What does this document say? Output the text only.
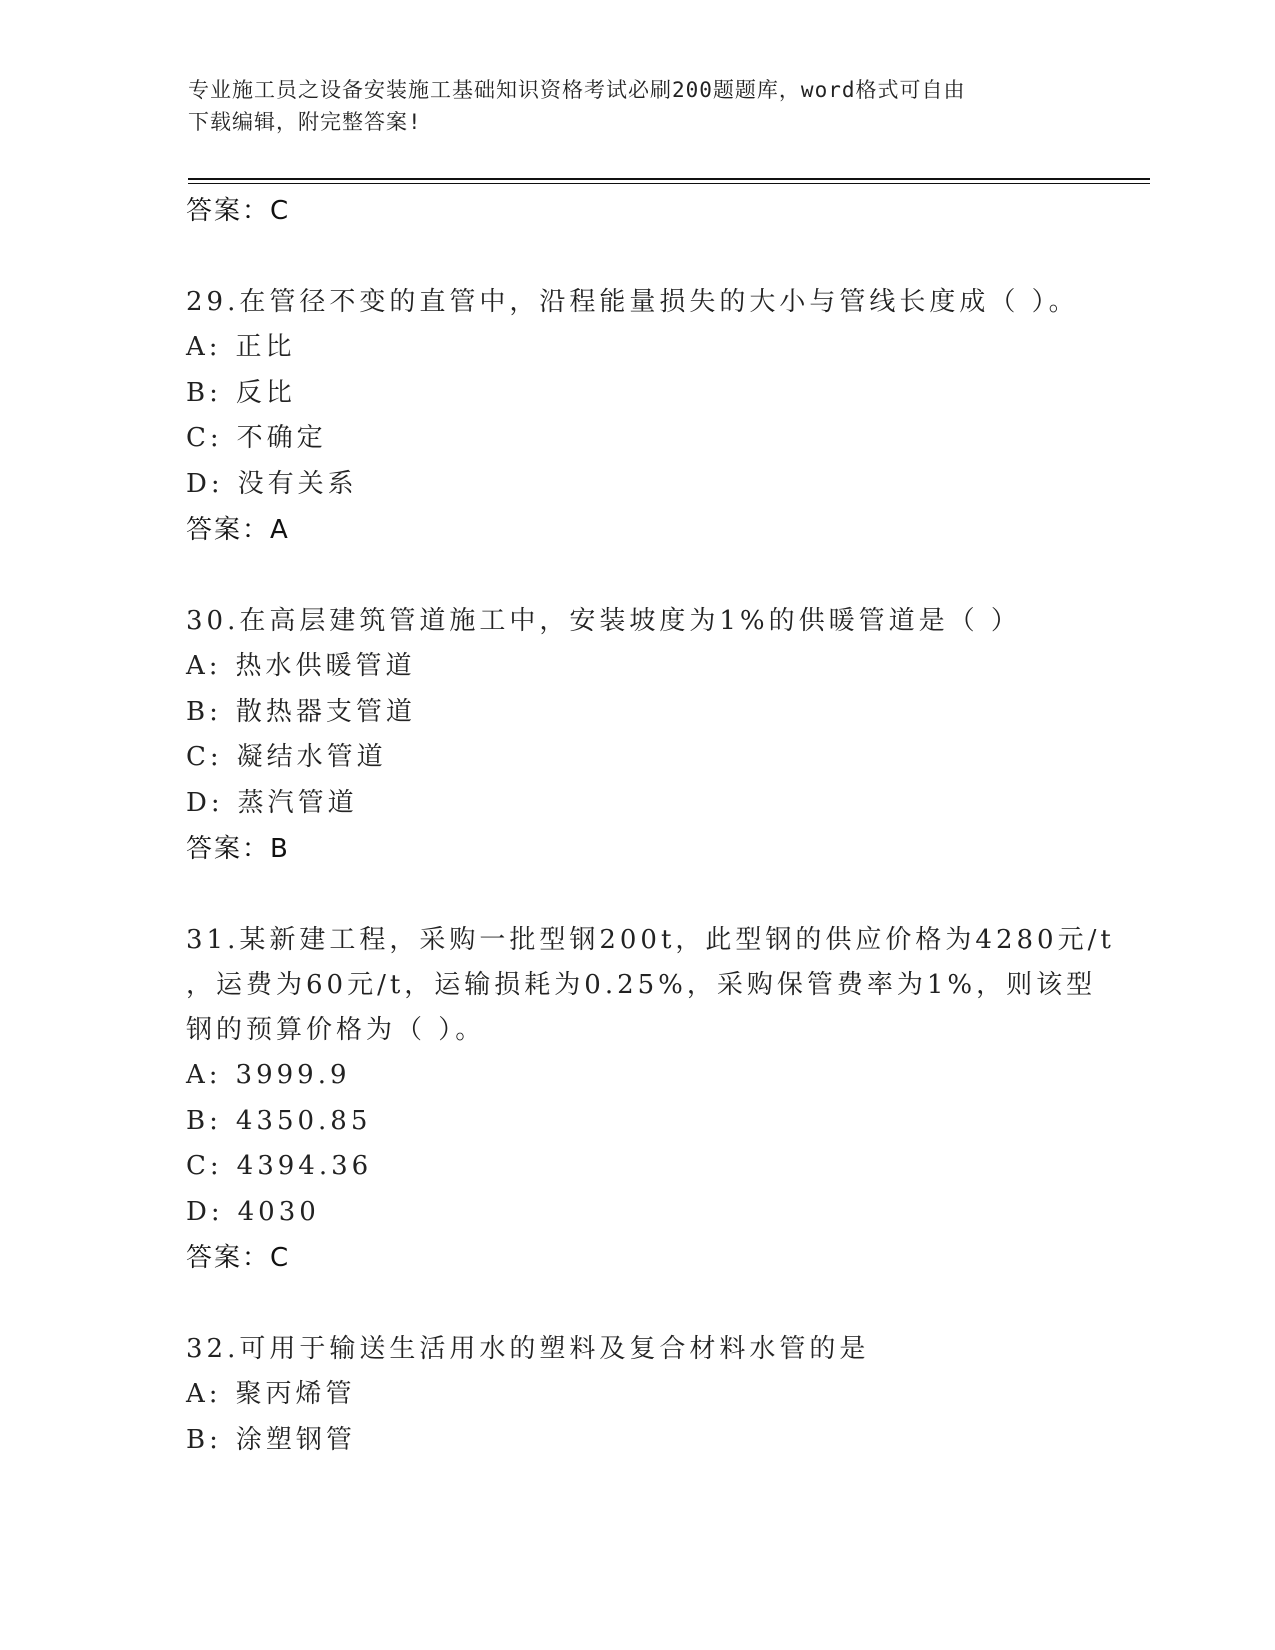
专业施工员之设备安装施工基础知识资格考试必刷200题题库，word格式可自由
下载编辑，附完整答案!
答案：C
29.在管径不变的直管中，沿程能量损失的大小与管线长度成（ ）。
A: 正比
B: 反比
C: 不确定
D: 没有关系
答案：A
30.在高层建筑管道施工中，安装坡度为1%的供暖管道是（ ）
A: 热水供暖管道
B: 散热器支管道
C: 凝结水管道
D: 蒸汽管道
答案：B
31.某新建工程，采购一批型钢200t，此型钢的供应价格为4280元/t
，运费为60元/t，运输损耗为0.25%，采购保管费率为1%，则该型
钢的预算价格为（ ）。
A: 3999.9
B: 4350.85
C: 4394.36
D: 4030
答案：C
32.可用于输送生活用水的塑料及复合材料水管的是
A: 聚丙烯管
B: 涂塑钢管
